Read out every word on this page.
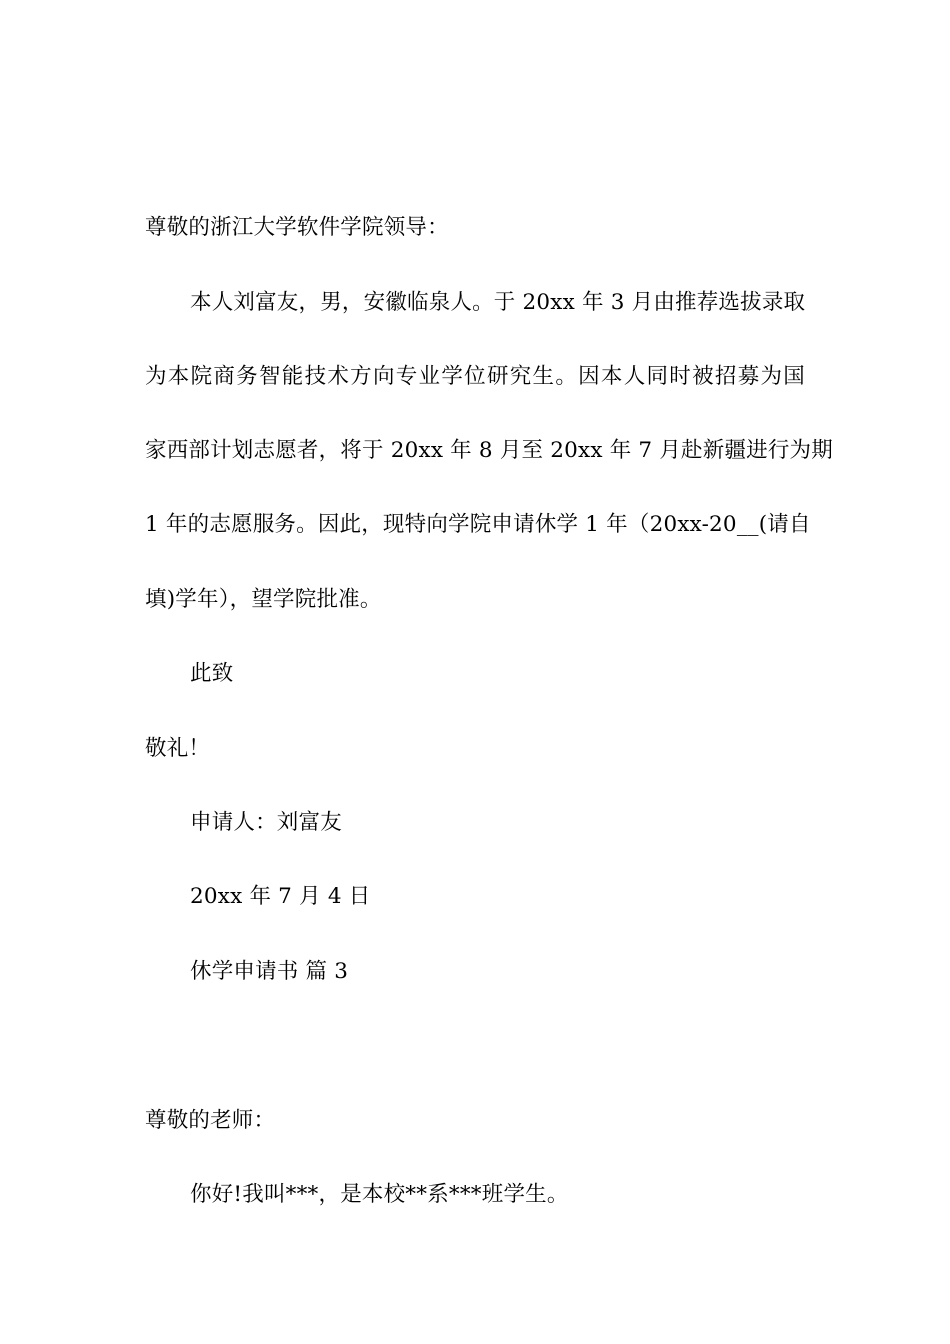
尊敬的浙江大学软件学院领导：
本人刘富友，男，安徽临泉人。于 20xx 年 3 月由推荐选拔录取
为本院商务智能技术方向专业学位研究生。因本人同时被招募为国
家西部计划志愿者，将于 20xx 年 8 月至 20xx 年 7 月赴新疆进行为期
1 年的志愿服务。因此，现特向学院申请休学 1 年（20xx-20__(请自
填)学年），望学院批准。
此致
敬礼！
申请人：刘富友
20xx 年 7 月 4 日
休学申请书 篇 3
尊敬的老师：
你好!我叫***，是本校**系***班学生。
